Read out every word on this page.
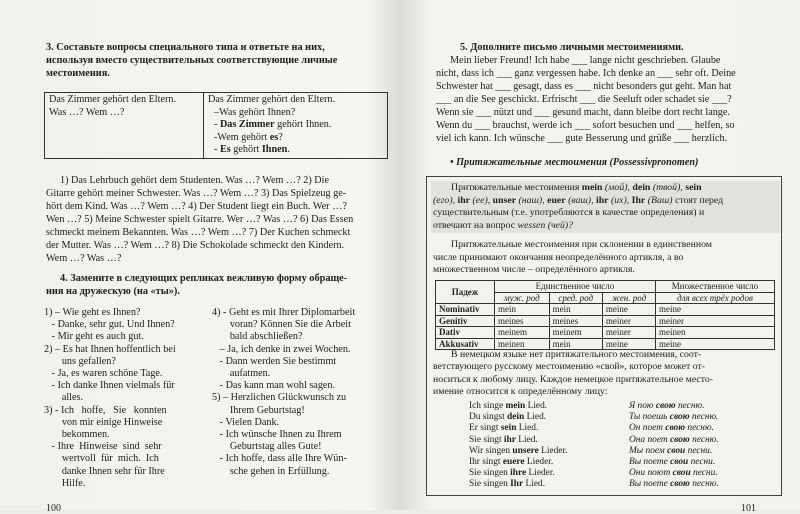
3. Составьте вопросы специального типа и ответьте на них,
используя вместо существительных соответствующие личные
местоимения.
Das Zimmer gehört den Eltern.
Was …? Wem …?

Das Zimmer gehört den Eltern.
–Was gehört Ihnen?
- Das Zimmer gehört Ihnen.
-Wem gehört es?
- Es gehört Ihnen.
1) Das Lehrbuch gehört dem Studenten. Was …? Wem …? 2) Die
Gitarre gehört meiner Schwester. Was …? Wem …? 3) Das Spielzeug ge-
hört dem Kind. Was …? Wem …? 4) Der Student liegt ein Buch. Wer …?
Wen …? 5) Meine Schwester spielt Gitarre. Wer …? Was …? 6) Das Essen
schmeckt meinem Bekannten. Was …? Wem …? 7) Der Kuchen schmeckt
der Mutter. Was …? Wem …? 8) Die Schokolade schmeckt den Kindern.
Wem …? Was …?
4. Замените в следующих репликах вежливую форму обраще-
ния на дружескую (на «ты»).
1) – Wie geht es Ihnen?
- Danke, sehr gut. Und Ihnen?
- Mir geht es auch gut.
2) – Es hat Ihnen hoffentlich bei
uns gefallen?
- Ja, es waren schöne Tage.
- Ich danke Ihnen vielmals für
alles.
3) - Ich   hoffe,   Sie   konnten
von mir einige Hinweise
bekommen.
- Ihre  Hinweise  sind  sehr
wertvoll  für  mich.  Ich
danke Ihnen sehr für Ihre
Hilfe.
4) - Geht es mit Ihrer Diplomarbeit
voran? Können Sie die Arbeit
bald abschließen?
– Ja, ich denke in zwei Wochen.
- Dann werden Sie bestimmt
aufatmen.
- Das kann man wohl sagen.
5) – Herzlichen Glückwunsch zu
Ihrem Geburtstag!
- Vielen Dank.
- Ich wünsche Ihnen zu Ihrem
Geburtstag alles Gute!
- Ich hoffe, dass alle Ihre Wün-
sche gehen in Erfüllung.
100
5. Дополните письмо личными местоимениями.
Mein lieber Freund! Ich habe ___ lange nicht geschrieben. Glaube
nicht, dass ich ___ ganz vergessen habe. Ich denke an ___ sehr oft. Deine
Schwester hat ___ gesagt, dass es ___ nicht besonders gut geht. Man hat
___ an die See geschickt. Erfrischt ___ die Seeluft oder schadet sie ___?
Wenn sie ___ nützt und ___ gesund macht, dann bleibe dort recht lange.
Wenn du ___ brauchst, werde ich ___ sofort besuchen und ___ helfen, so
viel ich kann. Ich wünsche ___ gute Besserung und grüße ___ herzlich.
• Притяжательные местоимения (Possessivpronomen)
Притяжательные местоимения mein (мой), dein (твой), sein
(его), ihr (ее), unser (наш), euer (ваш), ihr (их), Ihr (Ваш) стоят перед
существительным (т.е. употребляются в качестве определения) и
отвечают на вопрос wessen (чей)?
Притяжательные местоимения при склонении в единственном
числе принимают окончания неопределённого артикля, а во
множественном числе – определённого артикля.
Падеж	Единственное число			Множественное число
	муж. род	сред. род	жен. род	для всех трёх родов
Nominativ	mein	mein	meine	meine
Genitiv	meines	meines	meiner	meiner
Dativ	meinem	meinem	meiner	meinen
Akkusativ	meinen	mein	meine	meine
В немецком языке нет притяжательного местоимения, соот-
ветствующего русскому местоимению «свой», которое может от-
носиться к любому лицу. Каждое немецкое притяжательное место-
имение относится к определённому лицу:
Ich singe mein Lied.	Я пою свою песню.
Du singst dein Lied.	Ты поешь свою песню.
Er singt sein Lied.	Он поет свою песню.
Sie singt ihr Lied.	Она поет свою песню.
Wir singen unsere Lieder.	Мы поем свои песни.
Ihr singt euere Lieder.	Вы поете свои песни.
Sie singen ihre Lieder.	Они поют свои песни.
Sie singen Ihr Lied.	Вы поете свою песню.
101
